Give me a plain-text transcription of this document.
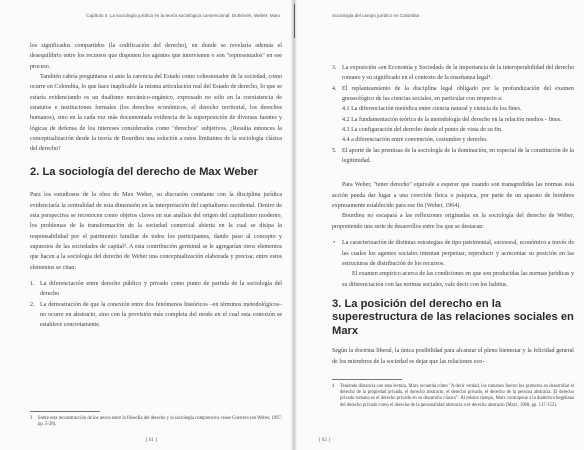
Capítulo II. La sociología jurídica en la teoría sociológica convencional: Durkheim, Weber, Marx

los significados compartidos (la codificación del derecho), en donde se revelaría además el desequilibrio entre los recursos que disponen los agentes que intervienen o son "representados" en ese proceso.

También cabría preguntarse si ante la carencia del Estado como cohesionador de la sociedad, como ocurre en Colombia, lo que hace inaplicable la misma articulación real del Estado de derecho, lo que se estaría evidenciando es un dualismo mecánico-orgánico, expresado no sólo en la coexistencia de estatutos e instituciones formales (los derechos económicos, el derecho territorial, los derechos humanos), sino en la cada vez más documentada evidencia de la superposición de diversas fuentes y lógicas de defensa de los intereses considerados como "derechos" subjetivos. ¿Resulta entonces la conceptualización desde la teoría de Bourdieu una solución a estos limitantes de la sociología clásica del derecho?

2. La sociología del derecho de Max Weber

Para los estudiosos de la obra de Max Weber, su discusión constante con la disciplina jurídica evidenciaría la centralidad de esta dimensión en la interpretación del capitalismo occidental. Dentro de esta perspectiva se reconocen como objetos claves en sus análisis del origen del capitalismo moderno, los problemas de la transformación de la sociedad comercial abierta en la cual se disipa la responsabilidad por el patrimonio familiar de todos los participantes, dando paso al concepto y supuestos de las sociedades de capital³. A esta contribución germinal se le agregarían otros elementos que hacen a la sociología del derecho de Weber una conceptualización elaborada y precisa; entre estos elementos se citan:

1. La diferenciación entre derecho público y privado como punto de partida de la sociología del derecho
2. La demostración de que la conexión entre dos fenómenos históricos –en términos metodológicos– no ocurre en abstracto, sino con la provisión más completa del modo en el cual esta conexión se establece concretamente.
3 Sobre esta reconstrucción de los nexos entre la filosofía del derecho y la sociología comprensiva véase Guerrero (en Weber, 1997, pp. 5-28).
[ 61 ]
Sociología del campo jurídico en Colombia
3. La exposición «en Economía y Sociedad» de la importancia de la interoperabilidad del derecho romano y su significado en el contexto de la enseñanza legal⁴.
4. El replanteamiento de la disciplina legal obligado por la profundización del examen gnoseológico de las ciencias sociales, en particular con respecto a:
4.1 La diferenciación metódica entre ciencia natural y ciencia de los fines.
4.2 La fundamentación teórica de la metodología del derecho en la relación medios - fines.
4.3 La configuración del derecho desde el punto de vista de su fin.
4.4 a diferenciación entre convención, costumbre y derecho.
5. El aporte de las premisas de la sociología de la dominación, en especial de la constitución de la legitimidad.

Para Weber, "tener derecho" equivale a esperar que cuando son transgredidas las normas esta acción pueda dar lugar a una coerción física o psíquica, por parte de un aparato de hombres expresamente establecido para ese fin (Weber, 1964).

Bourdieu no escapará a las reflexiones originadas en la sociología del derecho de Weber, proponiendo una serie de desarrollos entre los que se destacan:

• La caracterización de distintas estrategias de tipo patrimonial, sucesoral, económico a través de las cuales los agentes sociales intentan perpetuar, reproducir y acrecentar su posición en las estructuras de distribución de los recursos.

El examen empírico acerca de las condiciones en que son producidas las normas jurídicas y su diferenciación con las normas sociales, vale decir con los habitus.

3. La posición del derecho en la superestructura de las relaciones sociales en Marx

Según la doctrina liberal, la única posibilidad para alcanzar el pleno bienestar y la felicidad general de los miembros de la sociedad es dejar que las relaciones eco-

4 Teniendo distancia con esta lectura, Marx recuerda cómo "A decir verdad, los romanos fueron los primeros en desarrollar el derecho de la propiedad privada, el derecho abstracto, el derecho privado, el derecho de la persona abstracta. El derecho privado romano es el derecho privado en su desarrollo clásico". Al mismo tiempo, Marx contrapone a la dialéctica hegeliana del derecho privado como el derecho de la personalidad abstracta o el derecho abstracto (Marx, 1968, pp. 137-152).
[ 62 ]
